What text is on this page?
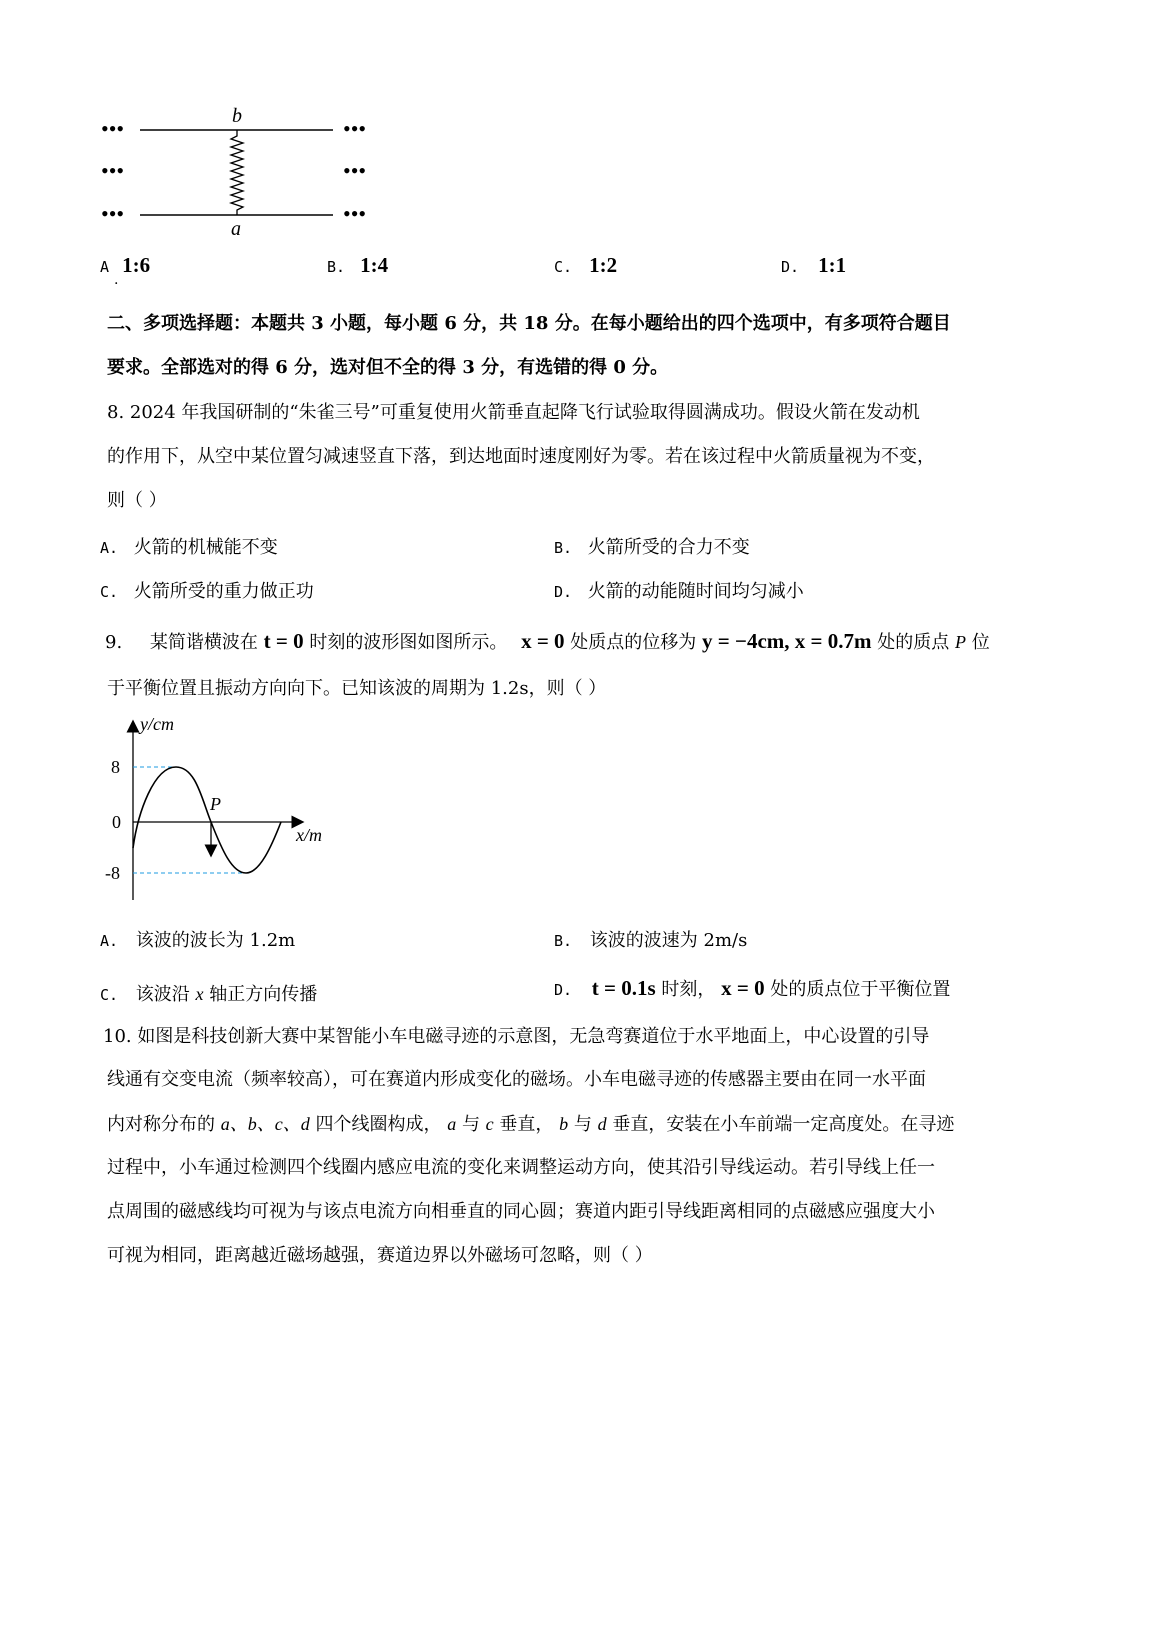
•••
•••
•••
•••
•••
•••
b
a
A 1:6	B. 1:4	C. 1:2	D. 1:1
.
二、多项选择题：本题共 3 小题，每小题 6 分，共 18 分。在每小题给出的四个选项中，有多项符合题目
要求。全部选对的得 6 分，选对但不全的得 3 分，有选错的得 0 分。
8. 2024 年我国研制的“朱雀三号”可重复使用火箭垂直起降飞行试验取得圆满成功。假设火箭在发动机
的作用下，从空中某位置匀减速竖直下落，到达地面时速度刚好为零。若在该过程中火箭质量视为不变，
则（ ）
A. 火箭的机械能不变	B. 火箭所受的合力不变
C. 火箭所受的重力做正功	D. 火箭的动能随时间均匀减小
9. 某简谐横波在 t = 0 时刻的波形图如图所示。 x = 0 处质点的位移为 y = −4cm, x = 0.7m 处的质点 P 位
于平衡位置且振动方向向下。已知该波的周期为 1.2s，则（ ）
y/cm
x/m
8
0
-8
P
A. 该波的波长为 1.2m	B. 该波的波速为 2m/s
C. 该波沿 x 轴正方向传播	D. t = 0.1s 时刻， x = 0 处的质点位于平衡位置
10. 如图是科技创新大赛中某智能小车电磁寻迹的示意图，无急弯赛道位于水平地面上，中心设置的引导
线通有交变电流（频率较高），可在赛道内形成变化的磁场。小车电磁寻迹的传感器主要由在同一水平面
内对称分布的 a、b、c、d 四个线圈构成， a 与 c 垂直， b 与 d 垂直，安装在小车前端一定高度处。在寻迹
过程中，小车通过检测四个线圈内感应电流的变化来调整运动方向，使其沿引导线运动。若引导线上任一
点周围的磁感线均可视为与该点电流方向相垂直的同心圆；赛道内距引导线距离相同的点磁感应强度大小
可视为相同，距离越近磁场越强，赛道边界以外磁场可忽略，则（ ）
